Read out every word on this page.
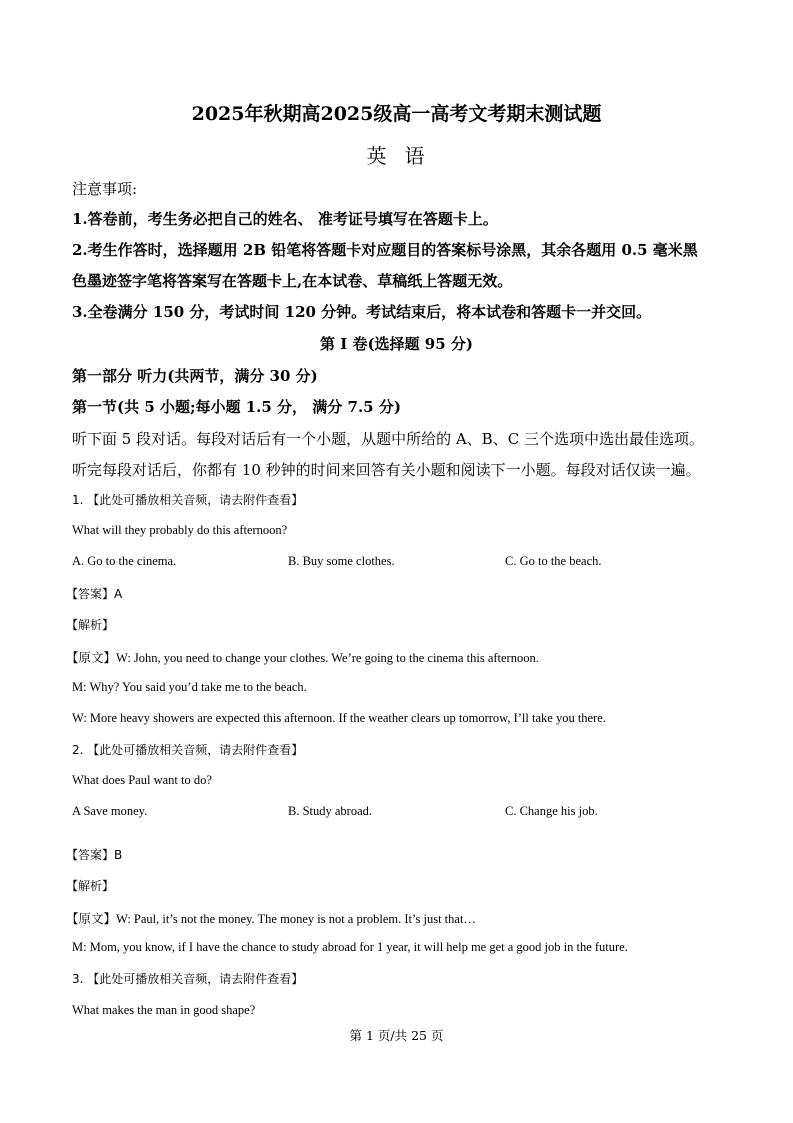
2025年秋期高2025级高一高考文考期末测试题
英 语
注意事项:
1.答卷前，考生务必把自己的姓名、 准考证号填写在答题卡上。
2.考生作答时，选择题用 2B 铅笔将答题卡对应题目的答案标号涂黑，其余各题用 0.5 毫米黑
色墨迹签字笔将答案写在答题卡上,在本试卷、草稿纸上答题无效。
3.全卷满分 150 分，考试时间 120 分钟。考试结束后，将本试卷和答题卡一并交回。
第 I 卷(选择题 95 分)
第一部分 听力(共两节，满分 30 分)
第一节(共 5 小题;每小题 1.5 分， 满分 7.5 分)
听下面 5 段对话。每段对话后有一个小题，从题中所给的 A、B、C 三个选项中选出最佳选项。
听完每段对话后，你都有 10 秒钟的时间来回答有关小题和阅读下一小题。每段对话仅读一遍。
1. 【此处可播放相关音频，请去附件查看】
What will they probably do this afternoon?
A. Go to the cinema.	B. Buy some clothes.	C. Go to the beach.
【答案】A
【解析】
【原文】W: John, you need to change your clothes. We’re going to the cinema this afternoon.
M: Why? You said you’d take me to the beach.
W: More heavy showers are expected this afternoon. If the weather clears up tomorrow, I’ll take you there.
2. 【此处可播放相关音频，请去附件查看】
What does Paul want to do?
A Save money.	B. Study abroad.	C. Change his job.
【答案】B
【解析】
【原文】W: Paul, it’s not the money. The money is not a problem. It’s just that…
M: Mom, you know, if I have the chance to study abroad for 1 year, it will help me get a good job in the future.
3. 【此处可播放相关音频，请去附件查看】
What makes the man in good shape?
第 1 页/共 25 页
